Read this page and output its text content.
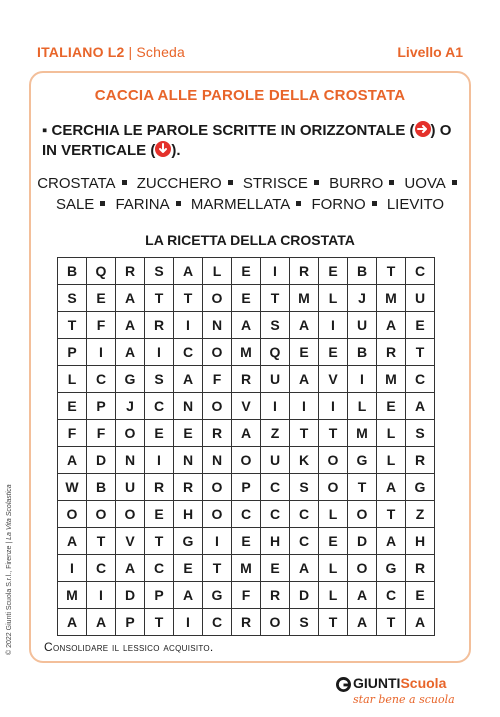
ITALIANO L2 | Scheda	Livello A1
CACCIA ALLE PAROLE DELLA CROSTATA
▪ CERCHIA LE PAROLE SCRITTE IN ORIZZONTALE ( ) O IN VERTICALE ( ).
CROSTATA ZUCCHERO STRISCE BURRO UOVA SALE FARINA MARMELLATA FORNO LIEVITO
LA RICETTA DELLA CROSTATA
B	Q	R	S	A	L	E	I	R	E	B	T	C
S	E	A	T	T	O	E	T	M	L	J	M	U
T	F	A	R	I	N	A	S	A	I	U	A	E
P	I	A	I	C	O	M	Q	E	E	B	R	T
L	C	G	S	A	F	R	U	A	V	I	M	C
E	P	J	C	N	O	V	I	I	I	L	E	A
F	F	O	E	E	R	A	Z	T	T	M	L	S
A	D	N	I	N	N	O	U	K	O	G	L	R
W	B	U	R	R	O	P	C	S	O	T	A	G
O	O	O	E	H	O	C	C	C	L	O	T	Z
A	T	V	T	G	I	E	H	C	E	D	A	H
I	C	A	C	E	T	M	E	A	L	O	G	R
M	I	D	P	A	G	F	R	D	L	A	C	E
A	A	P	T	I	C	R	O	S	T	A	T	A
Consolidare il lessico acquisito.
© 2022 Giunti Scuola S.r.l., Firenze | La Vita Scolastica
GIUNTIScuola
star bene a scuola
